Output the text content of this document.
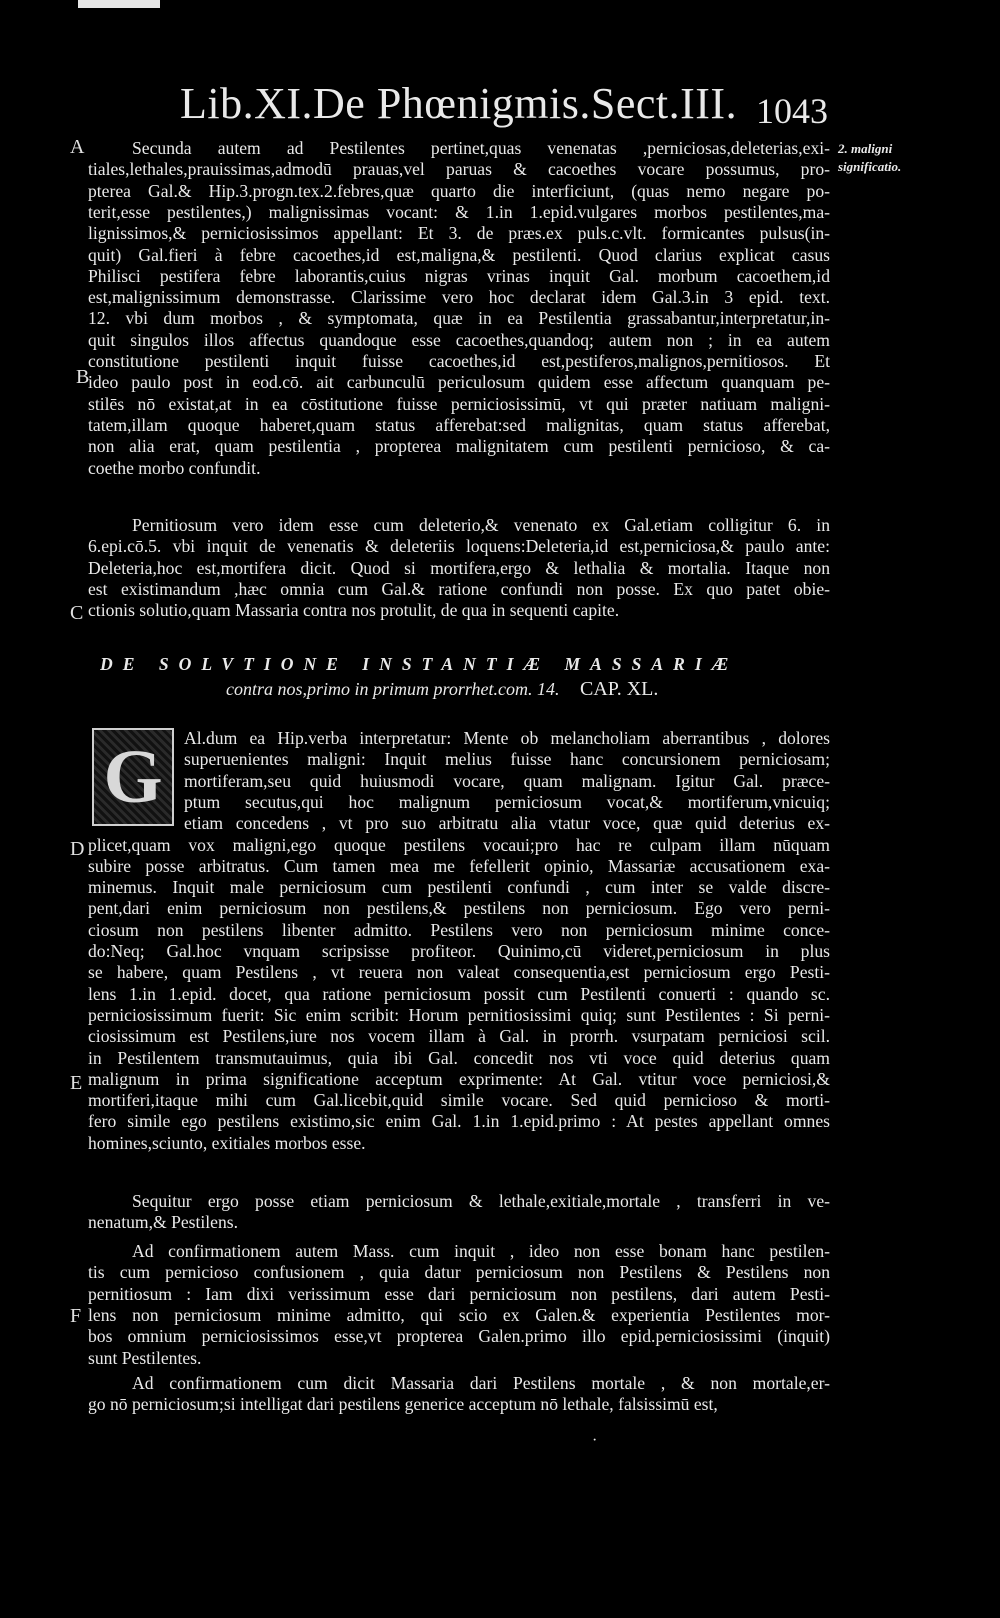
Lib.XI.De Phœnigmis.Sect.III. 1043
2. maligni significatio.
A
B
C
D
E
F
Secunda autem ad Pestilentes pertinet,quas venenatas ,perniciosas,deleterias,exi-
tiales,lethales,prauissimas,admodū prauas,vel paruas & cacoethes vocare possumus, pro-
pterea Gal.& Hip.3.progn.tex.2.febres,quæ quarto die interficiunt, (quas nemo negare po-
terit,esse pestilentes,) malignissimas vocant: & 1.in 1.epid.vulgares morbos pestilentes,ma-
lignissimos,& perniciosissimos appellant: Et 3. de præs.ex puls.c.vlt. formicantes pulsus(in-
quit) Gal.fieri à febre cacoethes,id est,maligna,& pestilenti. Quod clarius explicat casus
Philisci pestifera febre laborantis,cuius nigras vrinas inquit Gal. morbum cacoethem,id
est,malignissimum demonstrasse. Clarissime vero hoc declarat idem Gal.3.in 3 epid. text.
12. vbi dum morbos , & symptomata, quæ in ea Pestilentia grassabantur,interpretatur,in-
quit singulos illos affectus quandoque esse cacoethes,quandoq; autem non ; in ea autem
constitutione pestilenti inquit fuisse cacoethes,id est,pestiferos,malignos,pernitiosos. Et
ideo paulo post in eod.cō. ait carbunculū periculosum quidem esse affectum quanquam pe-
stilēs nō existat,at in ea cōstitutione fuisse perniciosissimū, vt qui præter natiuam maligni-
tatem,illam quoque haberet,quam status afferebat:sed malignitas, quam status afferebat,
non alia erat, quam pestilentia , propterea malignitatem cum pestilenti pernicioso, & ca-
coethe morbo confundit.
Pernitiosum vero idem esse cum deleterio,& venenato ex Gal.etiam colligitur 6. in
6.epi.cō.5. vbi inquit de venenatis & deleteriis loquens:Deleteria,id est,perniciosa,& paulo ante:
Deleteria,hoc est,mortifera dicit. Quod si mortifera,ergo & lethalia & mortalia. Itaque non
est existimandum ,hæc omnia cum Gal.& ratione confundi non posse. Ex quo patet obie-
ctionis solutio,quam Massaria contra nos protulit, de qua in sequenti capite.
DE SOLVTIONE INSTANTIÆ MASSARIÆ
contra nos,primo in primum prorrhet.com. 14. CAP. XL.
G	Al.dum ea Hip.verba interpretatur: Mente ob melancholiam aberrantibus , dolores
superuenientes maligni: Inquit melius fuisse hanc concursionem perniciosam;
mortiferam,seu quid huiusmodi vocare, quam malignam. Igitur Gal. præce-
ptum secutus,qui hoc malignum perniciosum vocat,& mortiferum,vnicuiq;
etiam concedens , vt pro suo arbitratu alia vtatur voce, quæ quid deterius ex-
plicet,quam vox maligni,ego quoque pestilens vocaui;pro hac re culpam illam nūquam
subire posse arbitratus. Cum tamen mea me fefellerit opinio, Massariæ accusationem exa-
minemus. Inquit male perniciosum cum pestilenti confundi , cum inter se valde discre-
pent,dari enim perniciosum non pestilens,& pestilens non perniciosum. Ego vero perni-
ciosum non pestilens libenter admitto. Pestilens vero non perniciosum minime conce-
do:Neq; Gal.hoc vnquam scripsisse profiteor. Quinimo,cū videret,perniciosum in plus
se habere, quam Pestilens , vt reuera non valeat consequentia,est perniciosum ergo Pesti-
lens 1.in 1.epid. docet, qua ratione perniciosum possit cum Pestilenti conuerti : quando sc.
perniciosissimum fuerit: Sic enim scribit: Horum pernitiosissimi quiq; sunt Pestilentes : Si perni-
ciosissimum est Pestilens,iure nos vocem illam à Gal. in prorrh. vsurpatam perniciosi scil.
in Pestilentem transmutauimus, quia ibi Gal. concedit nos vti voce quid deterius quam
malignum in prima significatione acceptum exprimente: At Gal. vtitur voce perniciosi,&
mortiferi,itaque mihi cum Gal.licebit,quid simile vocare. Sed quid pernicioso & morti-
fero simile ego pestilens existimo,sic enim Gal. 1.in 1.epid.primo : At pestes appellant omnes
homines,sciunto, exitiales morbos esse.
Sequitur ergo posse etiam perniciosum & lethale,exitiale,mortale , transferri in ve-
nenatum,& Pestilens.
Ad confirmationem autem Mass. cum inquit , ideo non esse bonam hanc pestilen-
tis cum pernicioso confusionem , quia datur perniciosum non Pestilens & Pestilens non
pernitiosum : Iam dixi verissimum esse dari perniciosum non pestilens, dari autem Pesti-
lens non perniciosum minime admitto, qui scio ex Galen.& experientia Pestilentes mor-
bos omnium perniciosissimos esse,vt propterea Galen.primo illo epid.perniciosissimi (inquit)
sunt Pestilentes.
Ad confirmationem cum dicit Massaria dari Pestilens mortale , & non mortale,er-
go nō perniciosum;si intelligat dari pestilens generice acceptum nō lethale, falsissimū est,
·
